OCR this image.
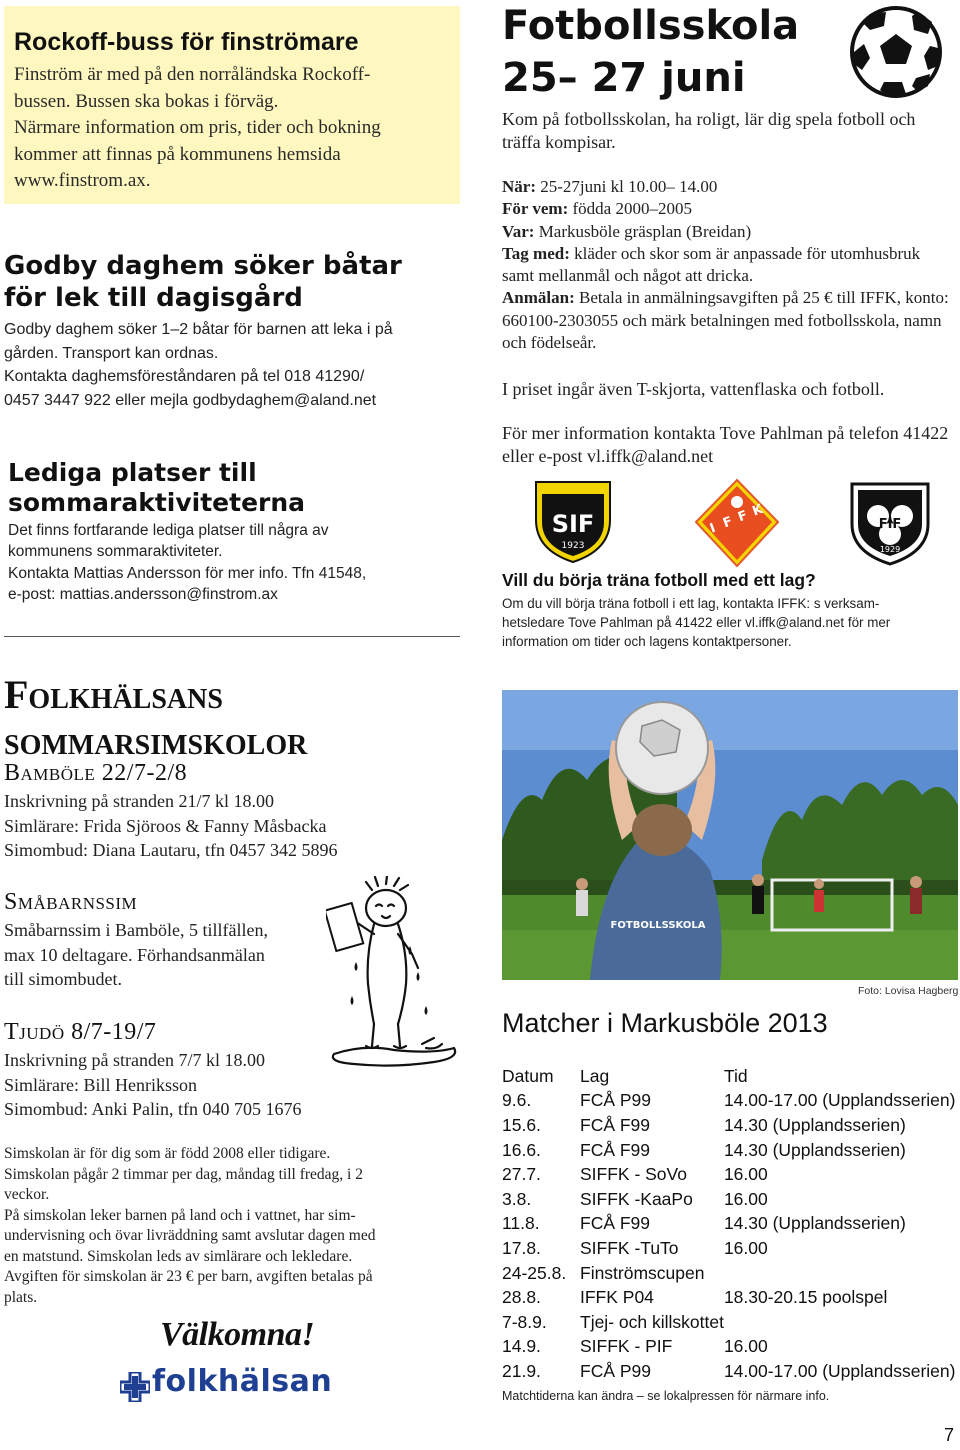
Rockoff-buss för finströmare
Finström är med på den norråländska Rockoff-
bussen. Bussen ska bokas i förväg.
Närmare information om pris, tider och bokning
kommer att finnas på kommunens hemsida
www.finstrom.ax.
Godby daghem söker båtar
för lek till dagisgård
Godby daghem söker 1–2 båtar för barnen att leka i på
gården. Transport kan ordnas.
Kontakta daghemsföreståndaren på tel 018 41290/
0457 3447 922 eller mejla godbydaghem@aland.net
Lediga platser till
sommaraktiviteterna
Det finns fortfarande lediga platser till några av
kommunens sommaraktiviteter.
Kontakta Mattias Andersson för mer info. Tfn 41548,
e-post: mattias.andersson@finstrom.ax
Folkhälsans
sommarsimskolor
Bamböle 22/7-2/8
Inskrivning på stranden 21/7 kl 18.00
Simlärare: Frida Sjöroos & Fanny Måsbacka
Simombud: Diana Lautaru, tfn 0457 342 5896
Småbarnssim
Småbarnssim i Bamböle, 5 tillfällen,
max 10 deltagare. Förhandsanmälan
till simombudet.
Tjudö 8/7-19/7
Inskrivning på stranden 7/7 kl 18.00
Simlärare: Bill Henriksson
Simombud: Anki Palin, tfn 040 705 1676
Simskolan är för dig som är född 2008 eller tidigare.
Simskolan pågår 2 timmar per dag, måndag till fredag, i 2
veckor.
På simskolan leker barnen på land och i vattnet, har sim-
undervisning och övar livräddning samt avslutar dagen med
en matstund. Simskolan leds av simlärare och lekledare.
Avgiften för simskolan är 23 € per barn, avgiften betalas på
plats.
Välkomna!
folkhälsan
Fotbollsskola
25– 27 juni
Kom på fotbollsskolan, ha roligt, lär dig spela fotboll och träffa kompisar.
När: 25-27juni kl 10.00– 14.00
För vem: födda 2000–2005
Var: Markusböle gräsplan (Breidan)
Tag med: kläder och skor som är anpassade för utomhusbruk samt mellanmål och något att dricka.
Anmälan: Betala in anmälningsavgiften på 25 € till IFFK, konto: 660100-2303055 och märk betalningen med fotbollsskola, namn och födelseår.
I priset ingår även T-skjorta, vattenflaska och fotboll.
För mer information kontakta Tove Pahlman på telefon 41422 eller e-post vl.iffk@aland.net
SIF
1923
I F F K
FIF
1929
Vill du börja träna fotboll med ett lag?
Om du vill börja träna fotboll i ett lag, kontakta IFFK: s verksam-
hetsledare Tove Pahlman på 41422 eller vl.iffk@aland.net för mer
information om tider och lagens kontaktpersoner.
FOTBOLLSSKOLA
Foto: Lovisa Hagberg
Matcher i Markusböle 2013
Datum	Lag	Tid
9.6.	FCÅ P99	14.00-17.00 (Upplandsserien)
15.6.	FCÅ F99	14.30 (Upplandsserien)
16.6.	FCÅ F99	14.30 (Upplandsserien)
27.7.	SIFFK - SoVo	16.00
3.8.	SIFFK -KaaPo	16.00
11.8.	FCÅ F99	14.30 (Upplandsserien)
17.8.	SIFFK -TuTo	16.00
24-25.8.	Finströmscupen	
28.8.	IFFK P04	18.30-20.15 poolspel
7-8.9.	Tjej- och killskottet	
14.9.	SIFFK - PIF	16.00
21.9.	FCÅ P99	14.00-17.00 (Upplandsserien)
Matchtiderna kan ändra – se lokalpressen för närmare info.
7
